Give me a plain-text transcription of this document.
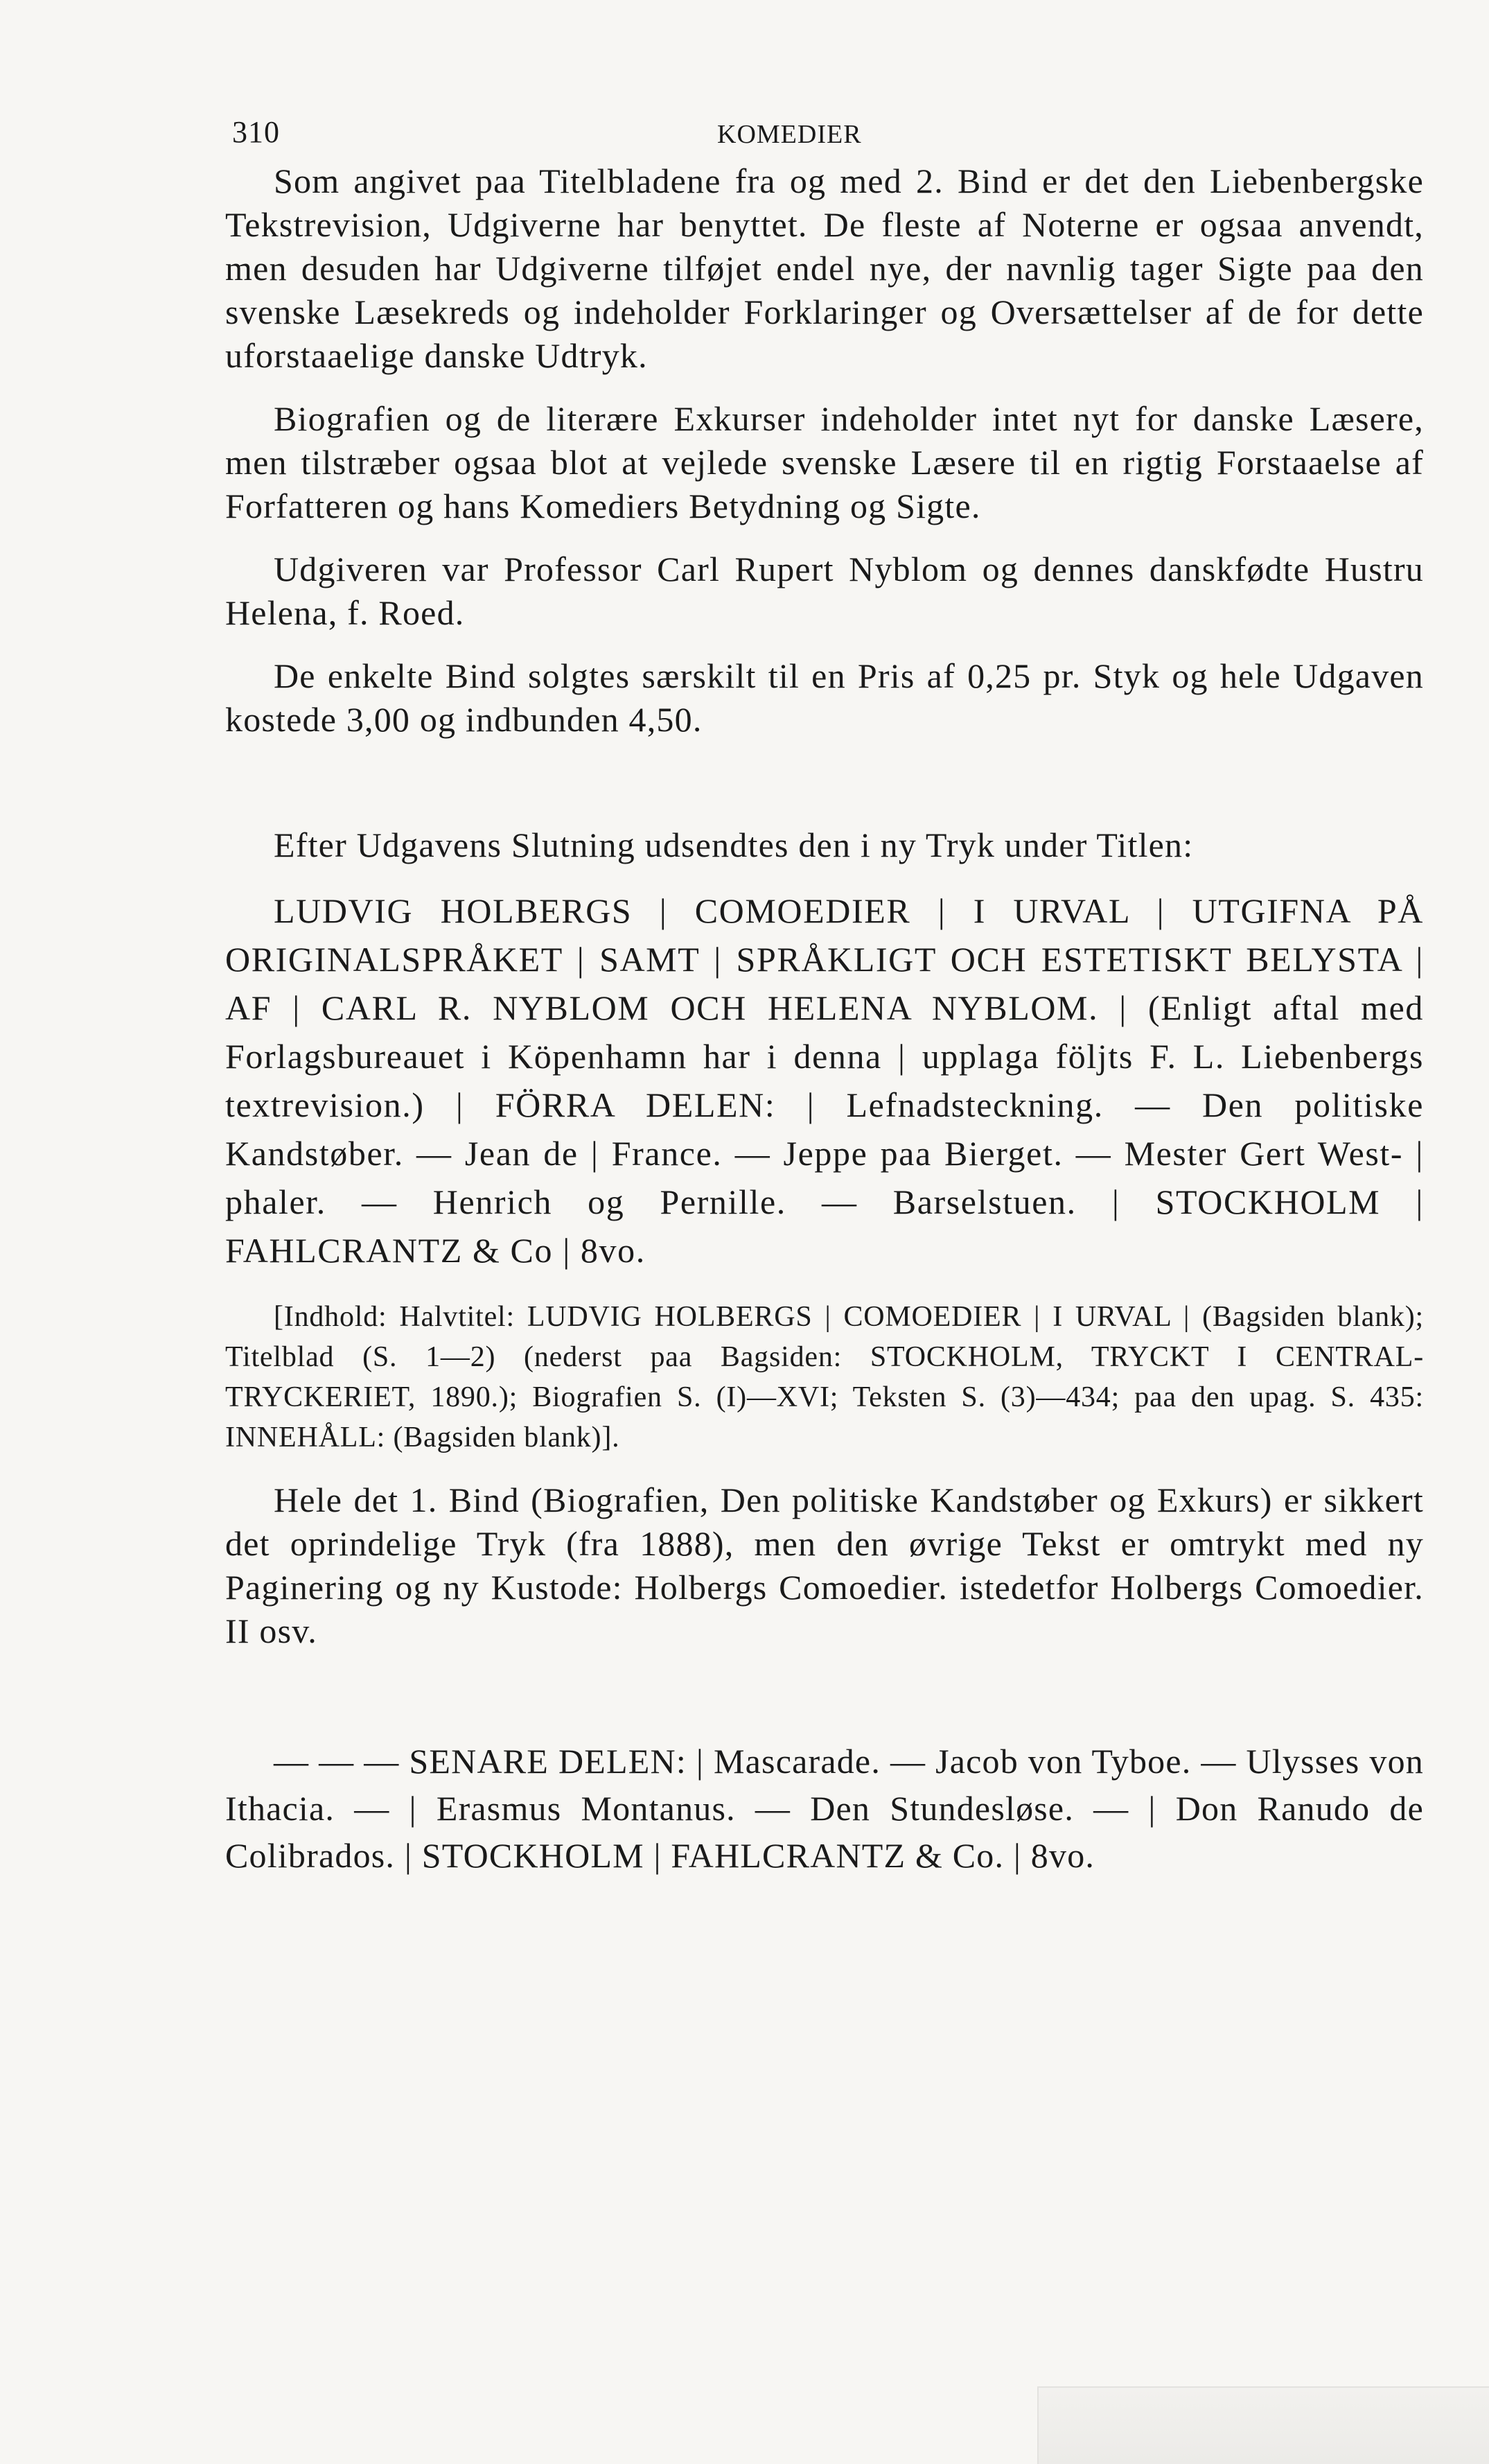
310	KOMEDIER

Som angivet paa Titelbladene fra og med 2. Bind er det den Liebenbergske Tekstrevision, Udgiverne har benyttet. De fleste af Noterne er ogsaa anvendt, men desuden har Udgiverne tilføjet endel nye, der navnlig tager Sigte paa den svenske Læsekreds og indeholder Forklaringer og Oversættelser af de for dette uforstaaelige danske Udtryk.

Biografien og de literære Exkurser indeholder intet nyt for danske Læsere, men tilstræber ogsaa blot at vejlede svenske Læsere til en rigtig Forstaaelse af Forfatteren og hans Komediers Betydning og Sigte.

Udgiveren var Professor Carl Rupert Nyblom og dennes danskfødte Hustru Helena, f. Roed.

De enkelte Bind solgtes særskilt til en Pris af 0,25 pr. Styk og hele Udgaven kostede 3,00 og indbunden 4,50.

Efter Udgavens Slutning udsendtes den i ny Tryk under Titlen:

LUDVIG HOLBERGS | COMOEDIER | I URVAL | UTGIFNA PÅ ORIGINALSPRÅKET | SAMT | SPRÅKLIGT OCH ESTETISKT BELYSTA | AF | CARL R. NYBLOM OCH HELENA NYBLOM. | (Enligt aftal med Forlagsbureauet i Köpenhamn har i denna | upplaga följts F. L. Liebenbergs textrevision.) | FÖRRA DELEN: | Lefnadsteckning. — Den politiske Kandstøber. — Jean de | France. — Jeppe paa Bierget. — Mester Gert West- | phaler. — Henrich og Pernille. — Barselstuen. | STOCKHOLM | FAHLCRANTZ & Co | 8vo.

[Indhold: Halvtitel: LUDVIG HOLBERGS | COMOEDIER | I URVAL | (Bagsiden blank); Titelblad (S. 1—2) (nederst paa Bagsiden: STOCKHOLM, TRYCKT I CENTRAL-TRYCKERIET, 1890.); Biografien S. (I)—XVI; Teksten S. (3)—434; paa den upag. S. 435: INNEHÅLL: (Bagsiden blank)].

Hele det 1. Bind (Biografien, Den politiske Kandstøber og Exkurs) er sikkert det oprindelige Tryk (fra 1888), men den øvrige Tekst er omtrykt med ny Paginering og ny Kustode: Holbergs Comoedier. istedetfor Holbergs Comoedier. II osv.

— — — SENARE DELEN: | Mascarade. — Jacob von Tyboe. — Ulysses von Ithacia. — | Erasmus Montanus. — Den Stundesløse. — | Don Ranudo de Colibrados. | STOCKHOLM | FAHLCRANTZ & Co. | 8vo.
